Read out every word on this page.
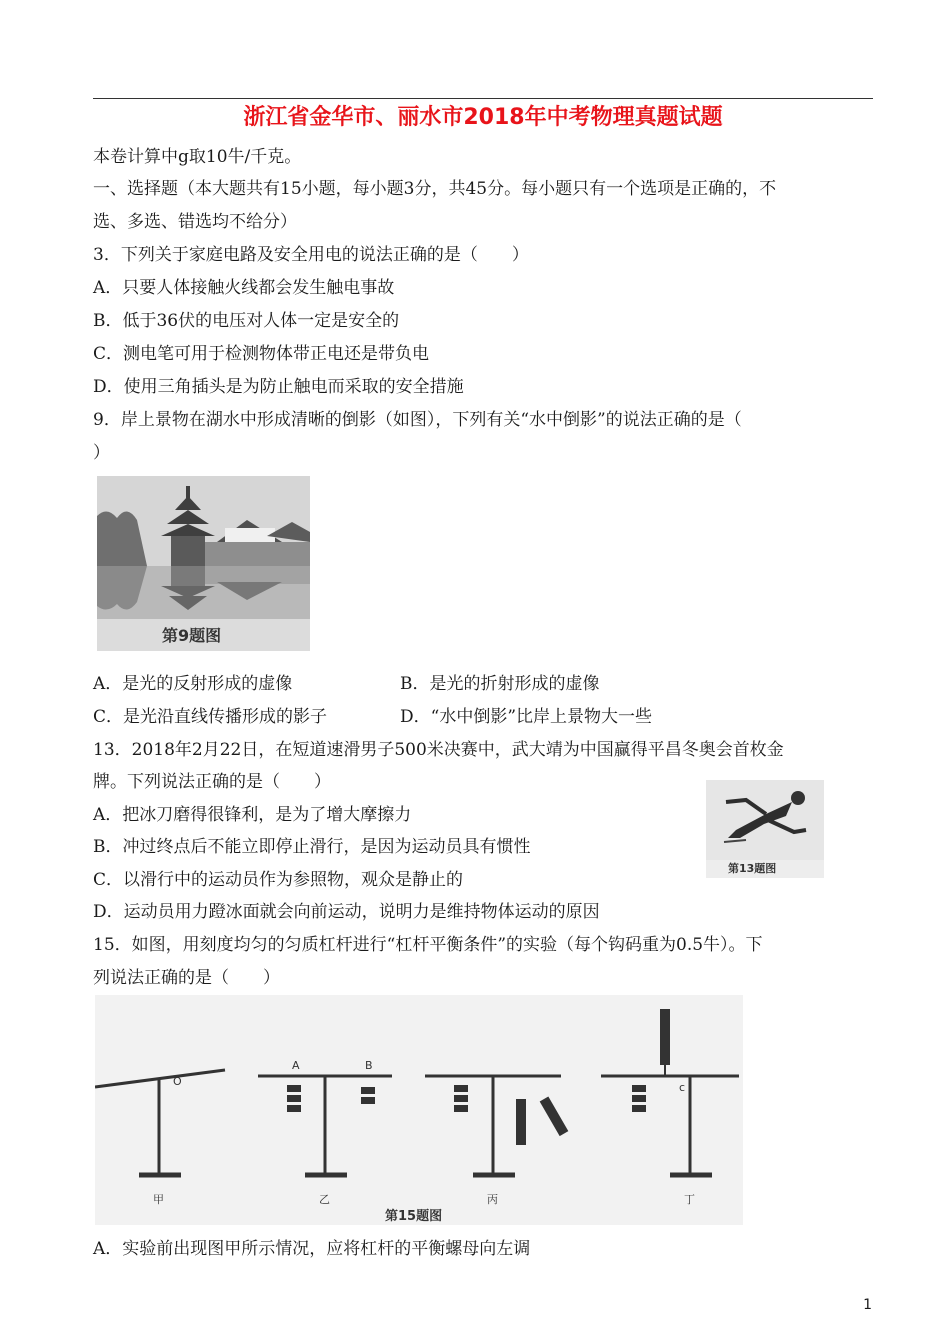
浙江省金华市、丽水市2018年中考物理真题试题
本卷计算中g取10牛/千克。
一、选择题（本大题共有15小题，每小题3分，共45分。每小题只有一个选项是正确的，不
选、多选、错选均不给分）
3．下列关于家庭电路及安全用电的说法正确的是（　　）
A．只要人体接触火线都会发生触电事故
B．低于36伏的电压对人体一定是安全的
C．测电笔可用于检测物体带正电还是带负电
D．使用三角插头是为防止触电而采取的安全措施
9．岸上景物在湖水中形成清晰的倒影（如图），下列有关“水中倒影”的说法正确的是（
）
第9题图
A．是光的反射形成的虚像	B．是光的折射形成的虚像
C．是光沿直线传播形成的影子	D．“水中倒影”比岸上景物大一些
13．2018年2月22日，在短道速滑男子500米决赛中，武大靖为中国赢得平昌冬奥会首枚金
牌。下列说法正确的是（　　）
第13题图
A．把冰刀磨得很锋利，是为了增大摩擦力
B．冲过终点后不能立即停止滑行，是因为运动员具有惯性
C．以滑行中的运动员作为参照物，观众是静止的
D．运动员用力蹬冰面就会向前运动，说明力是维持物体运动的原因
15．如图，用刻度均匀的匀质杠杆进行“杠杆平衡条件”的实验（每个钩码重为0.5牛）。下
列说法正确的是（　　）
O
A	B
c
甲	乙	丙	丁
第15题图
A．实验前出现图甲所示情况，应将杠杆的平衡螺母向左调
1
